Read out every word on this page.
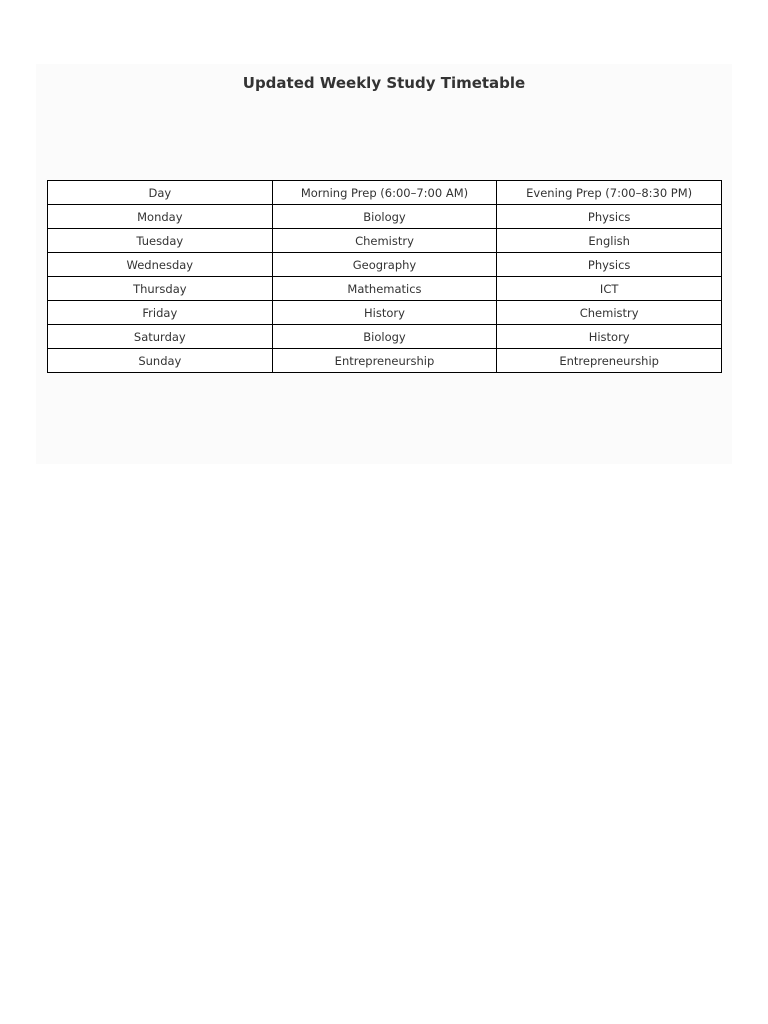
Updated Weekly Study Timetable
Day	Morning Prep (6:00–7:00 AM)	Evening Prep (7:00–8:30 PM)
Monday	Biology	Physics
Tuesday	Chemistry	English
Wednesday	Geography	Physics
Thursday	Mathematics	ICT
Friday	History	Chemistry
Saturday	Biology	History
Sunday	Entrepreneurship	Entrepreneurship
